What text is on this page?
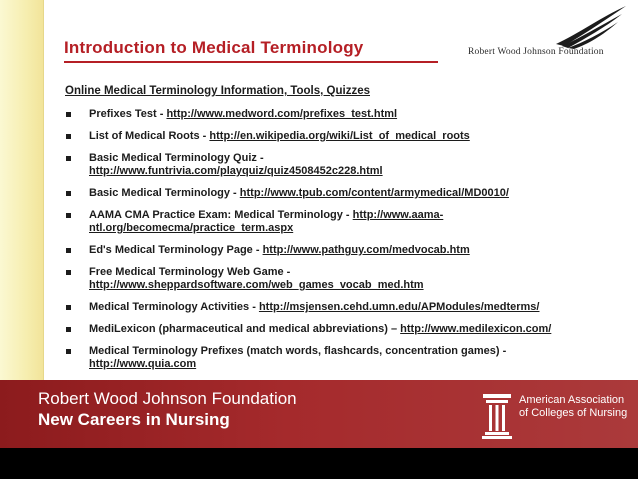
Introduction to Medical Terminology	Robert Wood Johnson Foundation
Online Medical Terminology Information, Tools, Quizzes
Prefixes Test - http://www.medword.com/prefixes_test.html
List of Medical Roots - http://en.wikipedia.org/wiki/List_of_medical_roots
Basic Medical Terminology Quiz -
http://www.funtrivia.com/playquiz/quiz4508452c228.html
Basic Medical Terminology - http://www.tpub.com/content/armymedical/MD0010/
AAMA CMA Practice Exam: Medical Terminology - http://www.aama-ntl.org/becomecma/practice_term.aspx
Ed's Medical Terminology Page - http://www.pathguy.com/medvocab.htm
Free Medical Terminology Web Game -
http://www.sheppardsoftware.com/web_games_vocab_med.htm
Medical Terminology Activities - http://msjensen.cehd.umn.edu/APModules/medterms/
MediLexicon (pharmaceutical and medical abbreviations) – http://www.medilexicon.com/
Medical Terminology Prefixes (match words, flashcards, concentration games) -
http://www.quia.com
Robert Wood Johnson Foundation
New Careers in Nursing
American Association
of Colleges of Nursing
